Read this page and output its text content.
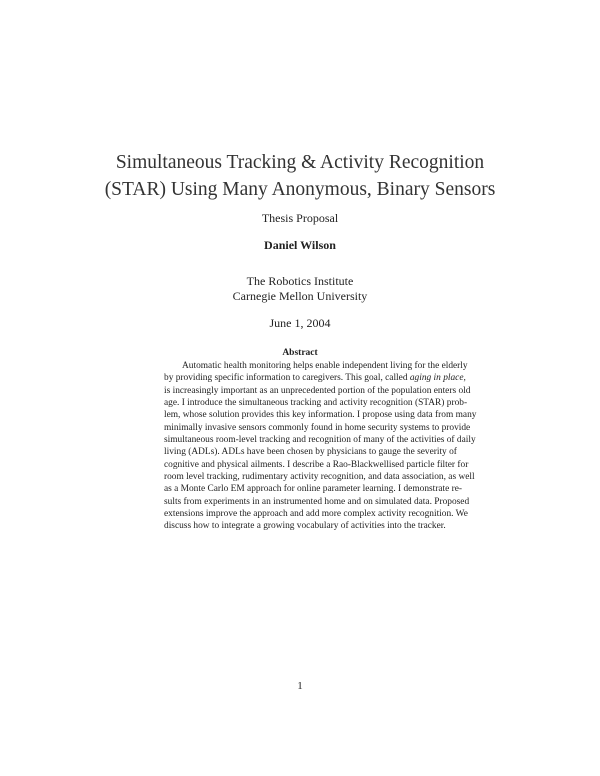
Simultaneous Tracking & Activity Recognition
(STAR) Using Many Anonymous, Binary Sensors
Thesis Proposal
Daniel Wilson
The Robotics Institute
Carnegie Mellon University
June 1, 2004
Abstract
Automatic health monitoring helps enable independent living for the elderly
by providing specific information to caregivers. This goal, called aging in place,
is increasingly important as an unprecedented portion of the population enters old
age. I introduce the simultaneous tracking and activity recognition (STAR) prob-
lem, whose solution provides this key information. I propose using data from many
minimally invasive sensors commonly found in home security systems to provide
simultaneous room-level tracking and recognition of many of the activities of daily
living (ADLs). ADLs have been chosen by physicians to gauge the severity of
cognitive and physical ailments. I describe a Rao-Blackwellised particle filter for
room level tracking, rudimentary activity recognition, and data association, as well
as a Monte Carlo EM approach for online parameter learning. I demonstrate re-
sults from experiments in an instrumented home and on simulated data. Proposed
extensions improve the approach and add more complex activity recognition. We
discuss how to integrate a growing vocabulary of activities into the tracker.
1
